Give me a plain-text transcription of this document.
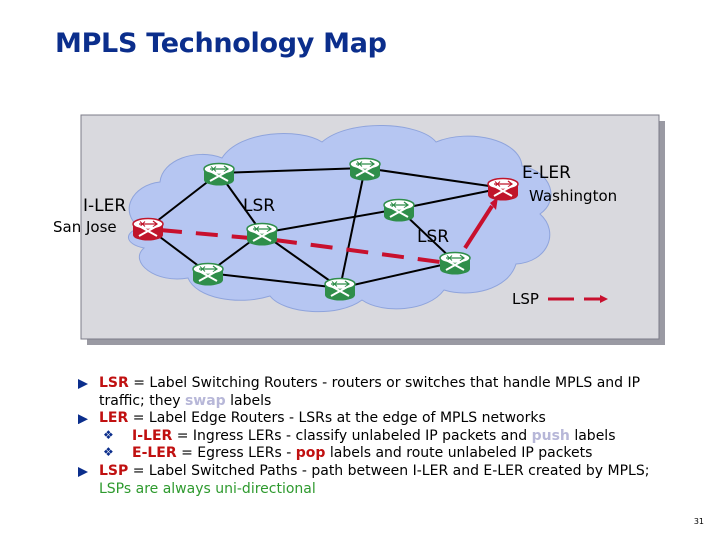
MPLS Technology Map
E-LER
Washington
I-LER
San Jose
LSR
LSR
LSP
LSR = Label Switching Routers - routers or switches that handle MPLS and IP traffic; they swap labels
LER = Label Edge Routers - LSRs at the edge of MPLS networks
❖ I-LER = Ingress LERs - classify unlabeled IP packets and push labels
❖ E-LER = Egress LERs - pop labels and route unlabeled IP packets
LSP = Label Switched Paths - path between I-LER and E-LER created by MPLS; LSPs are always uni-directional
31
